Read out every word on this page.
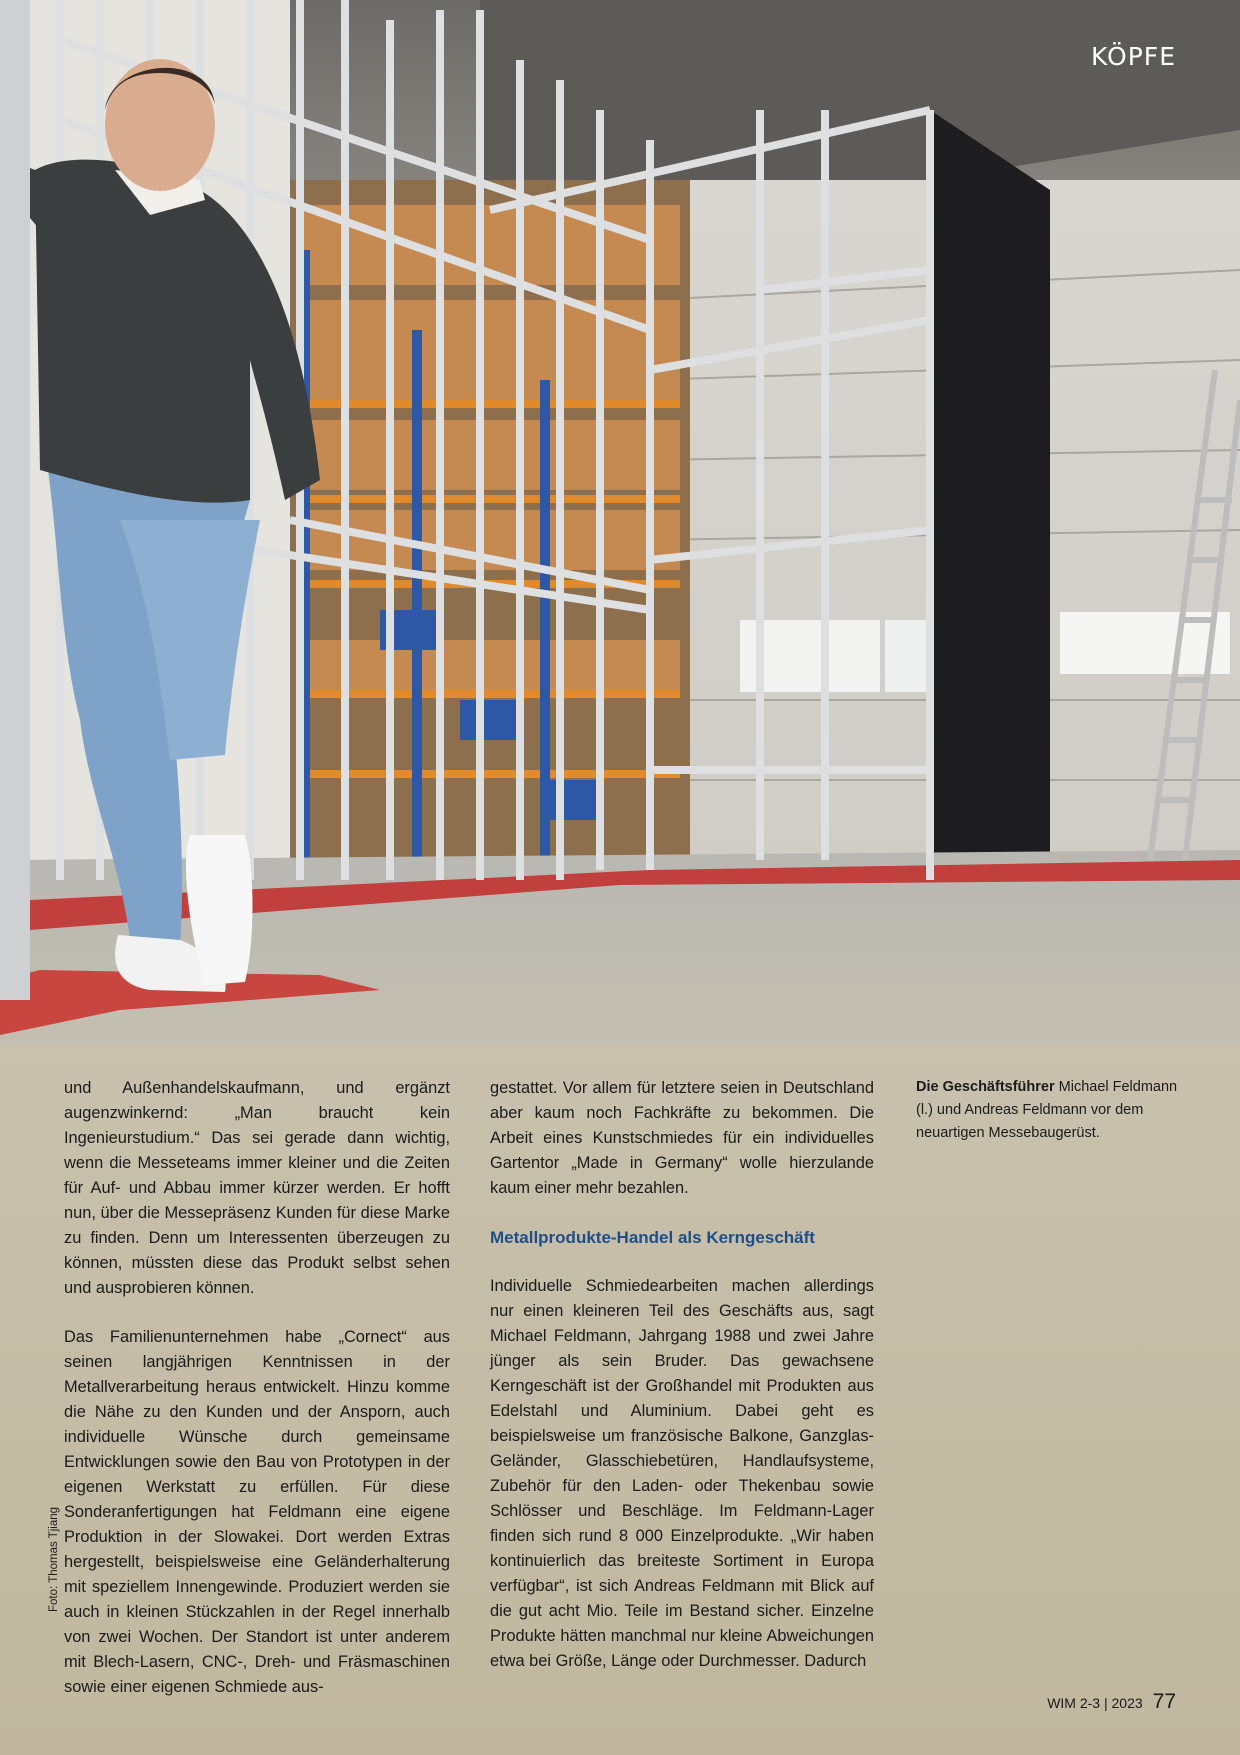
KÖPFE

und Außenhandelskaufmann, und ergänzt augenzwinkernd: „Man braucht kein Ingenieurstudium.“ Das sei gerade dann wichtig, wenn die Messeteams immer kleiner und die Zeiten für Auf- und Abbau immer kürzer werden. Er hofft nun, über die Messepräsenz Kunden für diese Marke zu finden. Denn um Interessenten überzeugen zu können, müssten diese das Produkt selbst sehen und ausprobieren können.

Das Familienunternehmen habe „Cornect“ aus seinen langjährigen Kenntnissen in der Metallverarbeitung heraus entwickelt. Hinzu komme die Nähe zu den Kunden und der Ansporn, auch individuelle Wünsche durch gemeinsame Entwicklungen sowie den Bau von Prototypen in der eigenen Werkstatt zu erfüllen. Für diese Sonderanfertigungen hat Feldmann eine eigene Produktion in der Slowakei. Dort werden Extras hergestellt, beispielsweise eine Geländerhalterung mit speziellem Innengewinde. Produziert werden sie auch in kleinen Stückzahlen in der Regel innerhalb von zwei Wochen. Der Standort ist unter anderem mit Blech-Lasern, CNC-, Dreh- und Fräsmaschinen sowie einer eigenen Schmiede aus-

gestattet. Vor allem für letztere seien in Deutschland aber kaum noch Fachkräfte zu bekommen. Die Arbeit eines Kunstschmiedes für ein individuelles Gartentor „Made in Germany“ wolle hierzulande kaum einer mehr bezahlen.

Metallprodukte-Handel als Kerngeschäft

Individuelle Schmiedearbeiten machen allerdings nur einen kleineren Teil des Geschäfts aus, sagt Michael Feldmann, Jahrgang 1988 und zwei Jahre jünger als sein Bruder. Das gewachsene Kerngeschäft ist der Großhandel mit Produkten aus Edelstahl und Aluminium. Dabei geht es beispielsweise um französische Balkone, Ganzglas-Geländer, Glasschiebetüren, Handlaufsysteme, Zubehör für den Laden- oder Thekenbau sowie Schlösser und Beschläge. Im Feldmann-Lager finden sich rund 8 000 Einzelprodukte. „Wir haben kontinuierlich das breiteste Sortiment in Europa verfügbar“, ist sich Andreas Feldmann mit Blick auf die gut acht Mio. Teile im Bestand sicher. Einzelne Produkte hätten manchmal nur kleine Abweichungen etwa bei Größe, Länge oder Durchmesser. Dadurch

Die Geschäftsführer Michael Feldmann (l.) und Andreas Feldmann vor dem neuartigen Messebaugerüst.
Foto: Thomas Tjiang
WIM 2-3 | 2023 77
